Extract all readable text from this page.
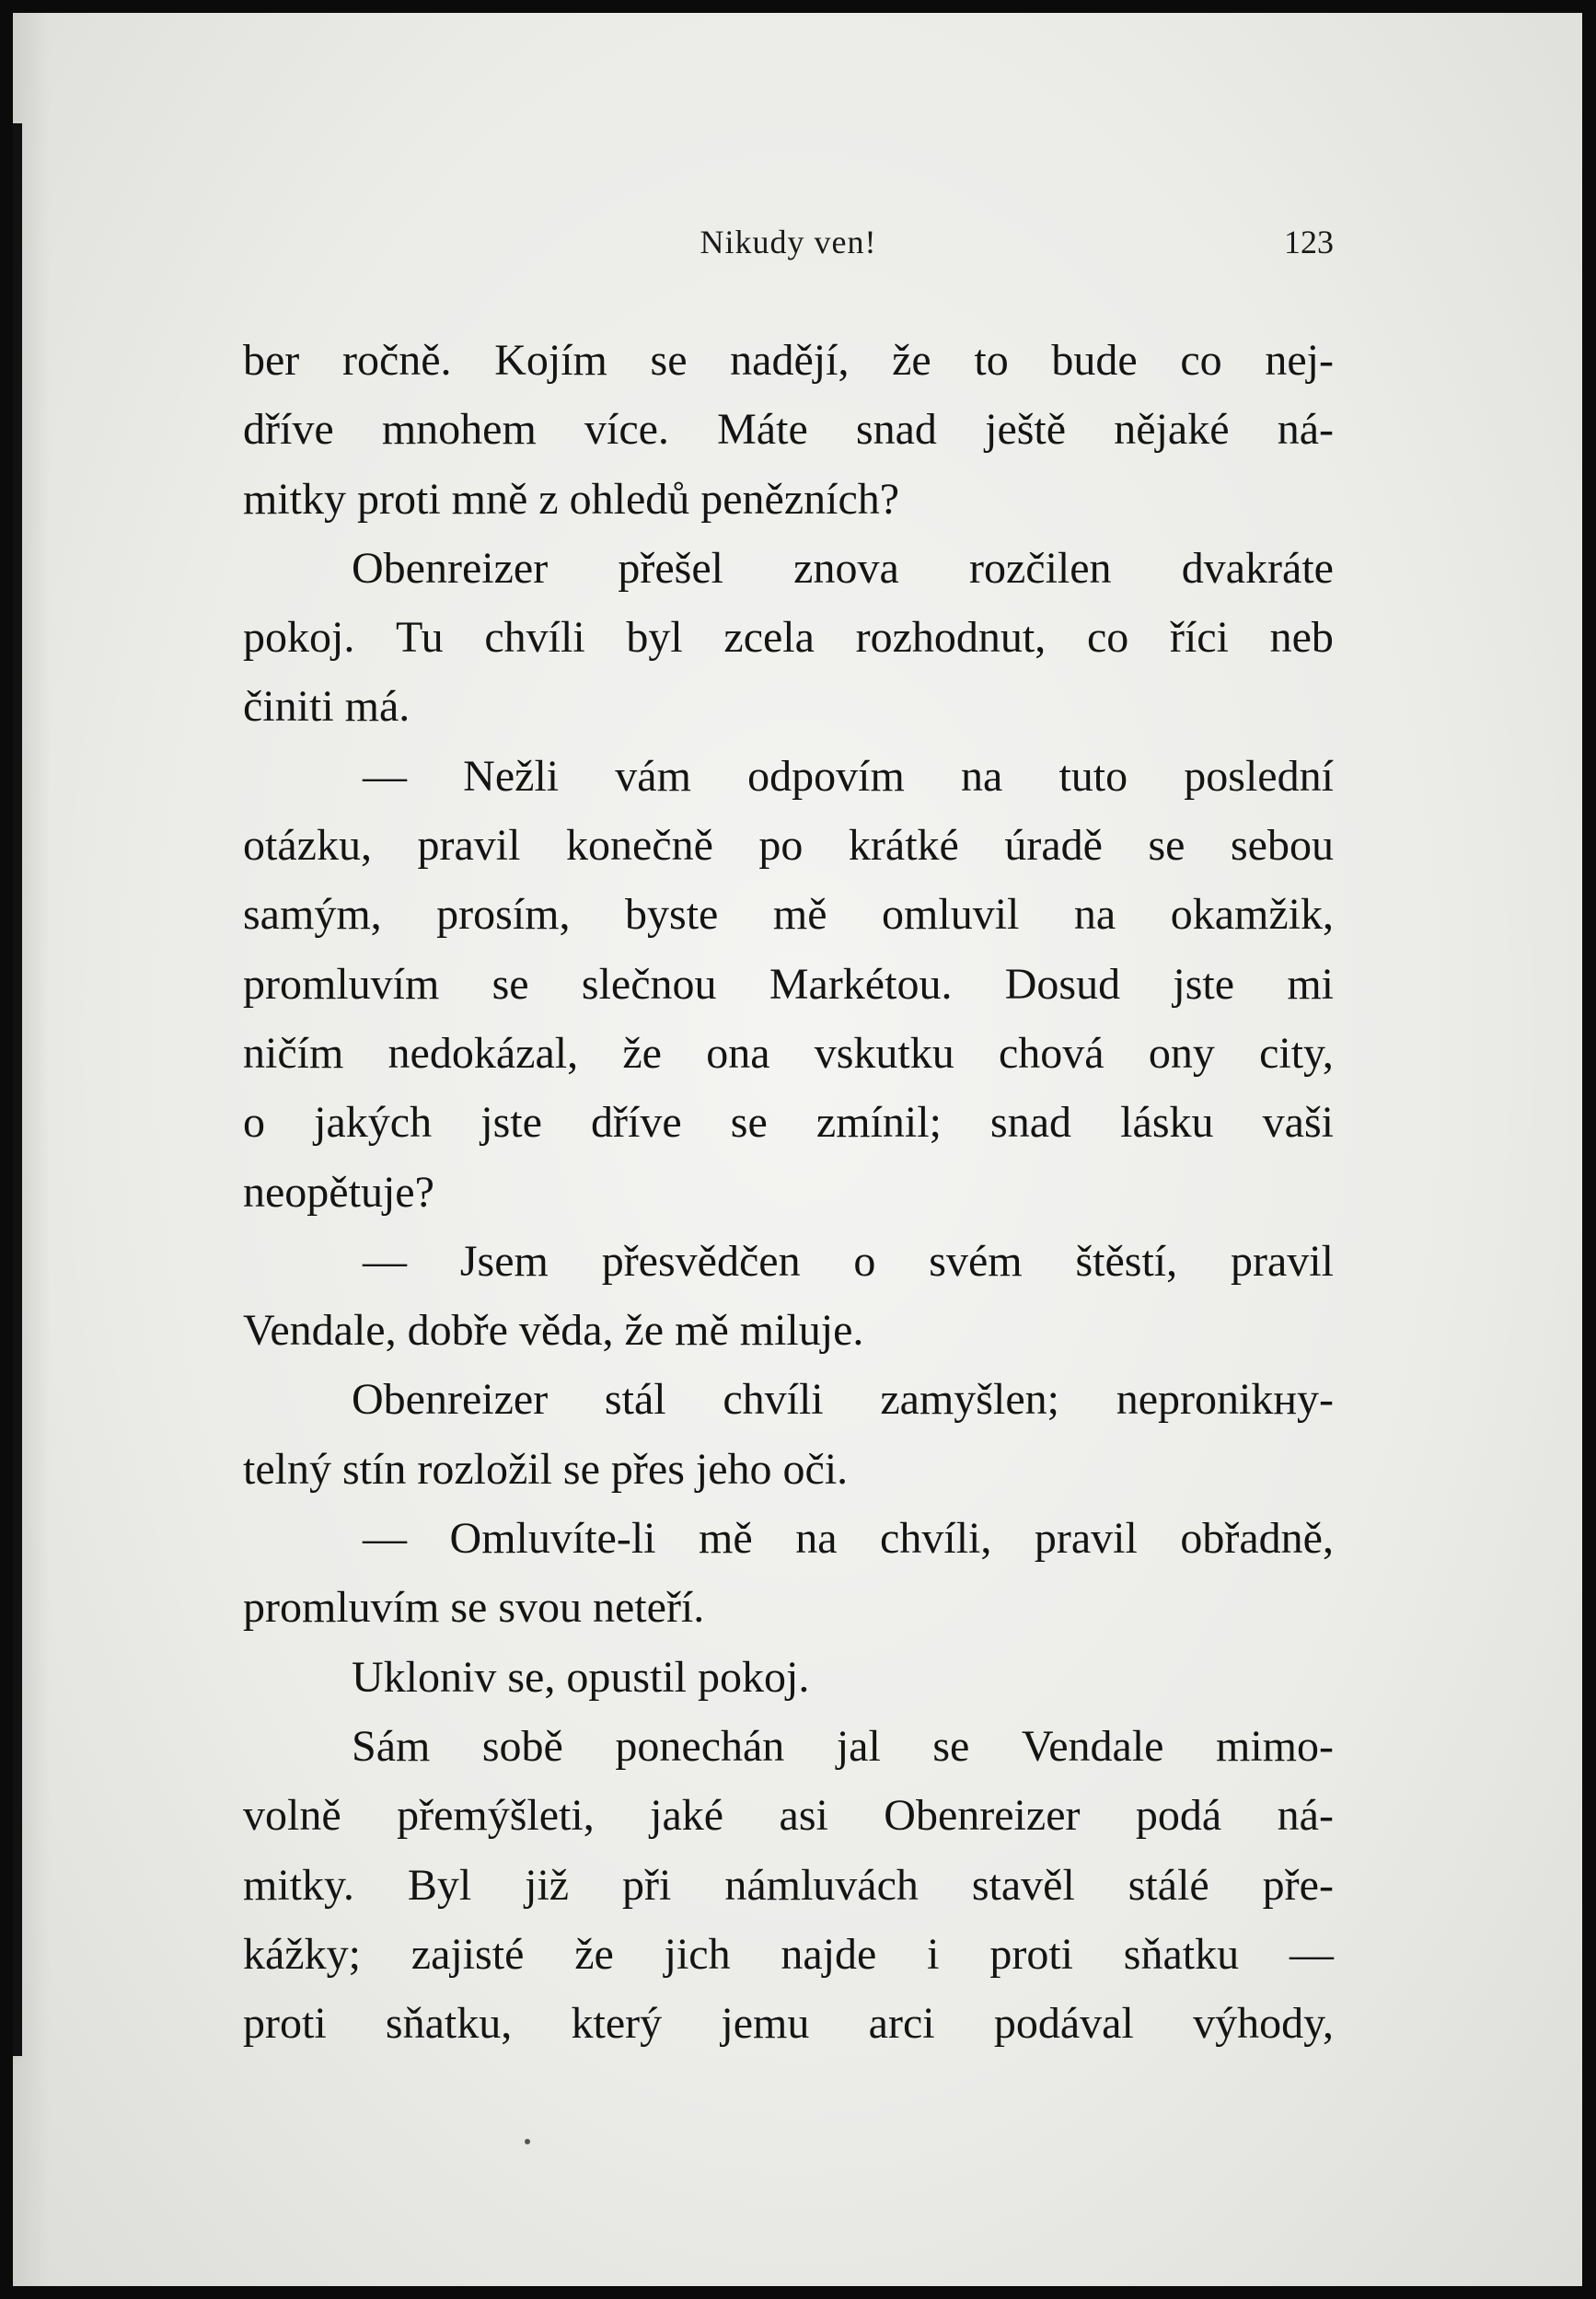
Nikudy ven!	123
ber ročně. Kojím se nadějí, že to bude co nej-
dříve mnohem více. Máte snad ještě nějaké ná-
mitky proti mně z ohledů penězních?
Obenreizer přešel znova rozčilen dvakráte
pokoj. Tu chvíli byl zcela rozhodnut, co říci neb
činiti má.
— Nežli vám odpovím na tuto poslední
otázku, pravil konečně po krátké úradě se sebou
samým, prosím, byste mě omluvil na okamžik,
promluvím se slečnou Markétou. Dosud jste mi
ničím nedokázal, že ona vskutku chová ony city,
o jakých jste dříve se zmínil; snad lásku vaši
neopětuje?
— Jsem přesvědčen o svém štěstí, pravil
Vendale, dobře věda, že mě miluje.
Obenreizer stál chvíli zamyšlen; nepronikну-
telný stín rozložil se přes jeho oči.
— Omluvíte-li mě na chvíli, pravil obřadně,
promluvím se svou neteří.
Ukloniv se, opustil pokoj.
Sám sobě ponechán jal se Vendale mimo-
volně přemýšleti, jaké asi Obenreizer podá ná-
mitky. Byl již při námluvách stavěl stálé pře-
kážky; zajisté že jich najde i proti sňatku —
proti sňatku, který jemu arci podával výhody,
